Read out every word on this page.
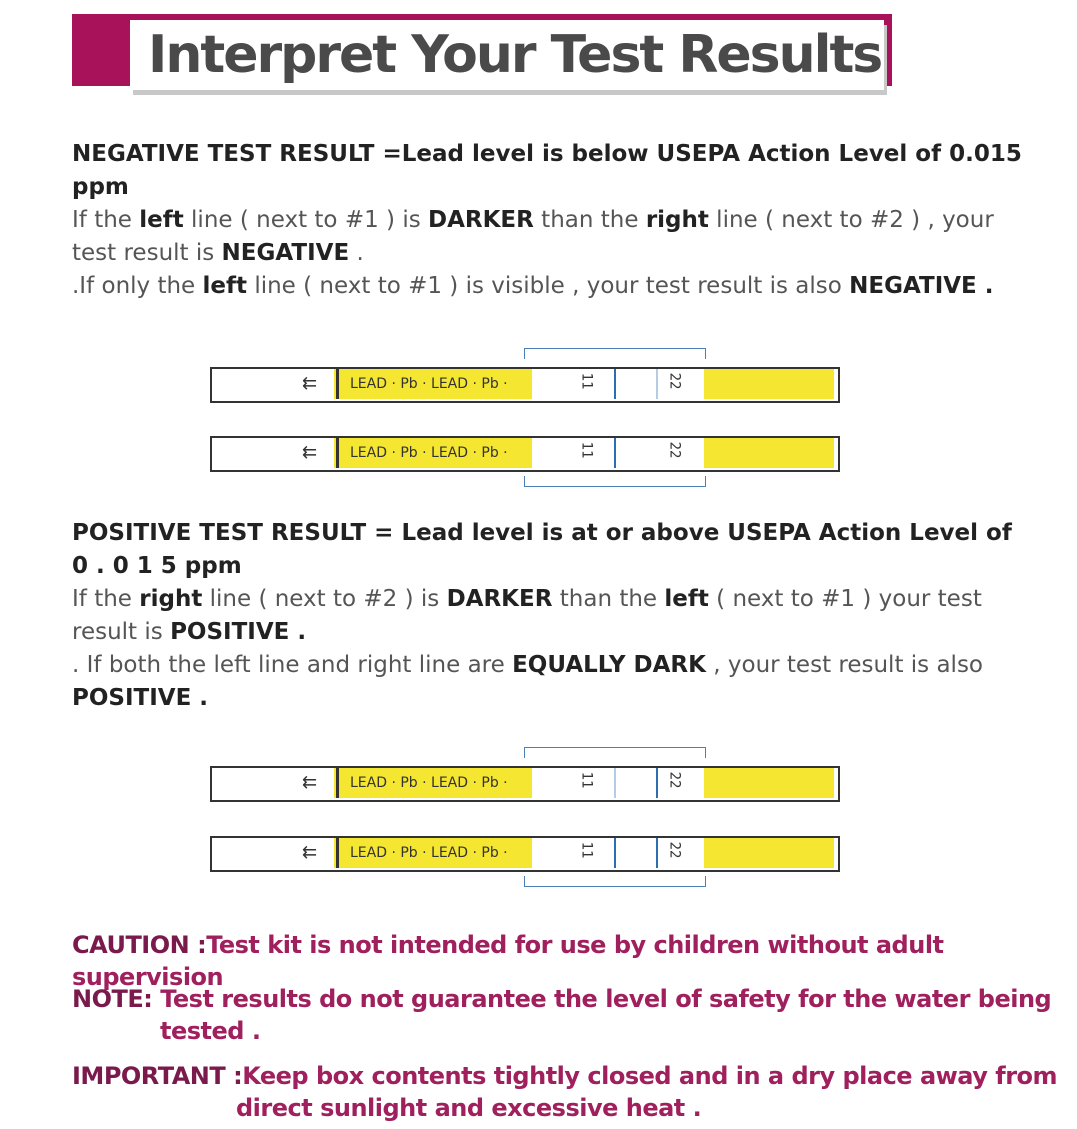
Interpret Your Test Results

NEGATIVE TEST RESULT =Lead level is below USEPA Action Level of 0.015 ppm

If the left line ( next to #1 ) is DARKER than the right line ( next to #2 ) , your test result is NEGATIVE .

.If only the left line ( next to #1 ) is visible , your test result is also NEGATIVE .

⇇ LEAD · Pb · LEAD · Pb ·	11	22
⇇ LEAD · Pb · LEAD · Pb ·	11	22

POSITIVE TEST RESULT = Lead level is at or above USEPA Action Level of 0 . 0 1 5 ppm

If the right line ( next to #2 ) is DARKER than the left ( next to #1 ) your test result is POSITIVE .

. If both the left line and right line are EQUALLY DARK , your test result is also POSITIVE .

⇇ LEAD · Pb · LEAD · Pb ·	11	22
⇇ LEAD · Pb · LEAD · Pb ·	11	22
CAUTION :Test kit is not intended for use by children without adult supervision
NOTE: Test results do not guarantee the level of safety for the water being
tested .
IMPORTANT :Keep box contents tightly closed and in a dry place away from
direct sunlight and excessive heat .
